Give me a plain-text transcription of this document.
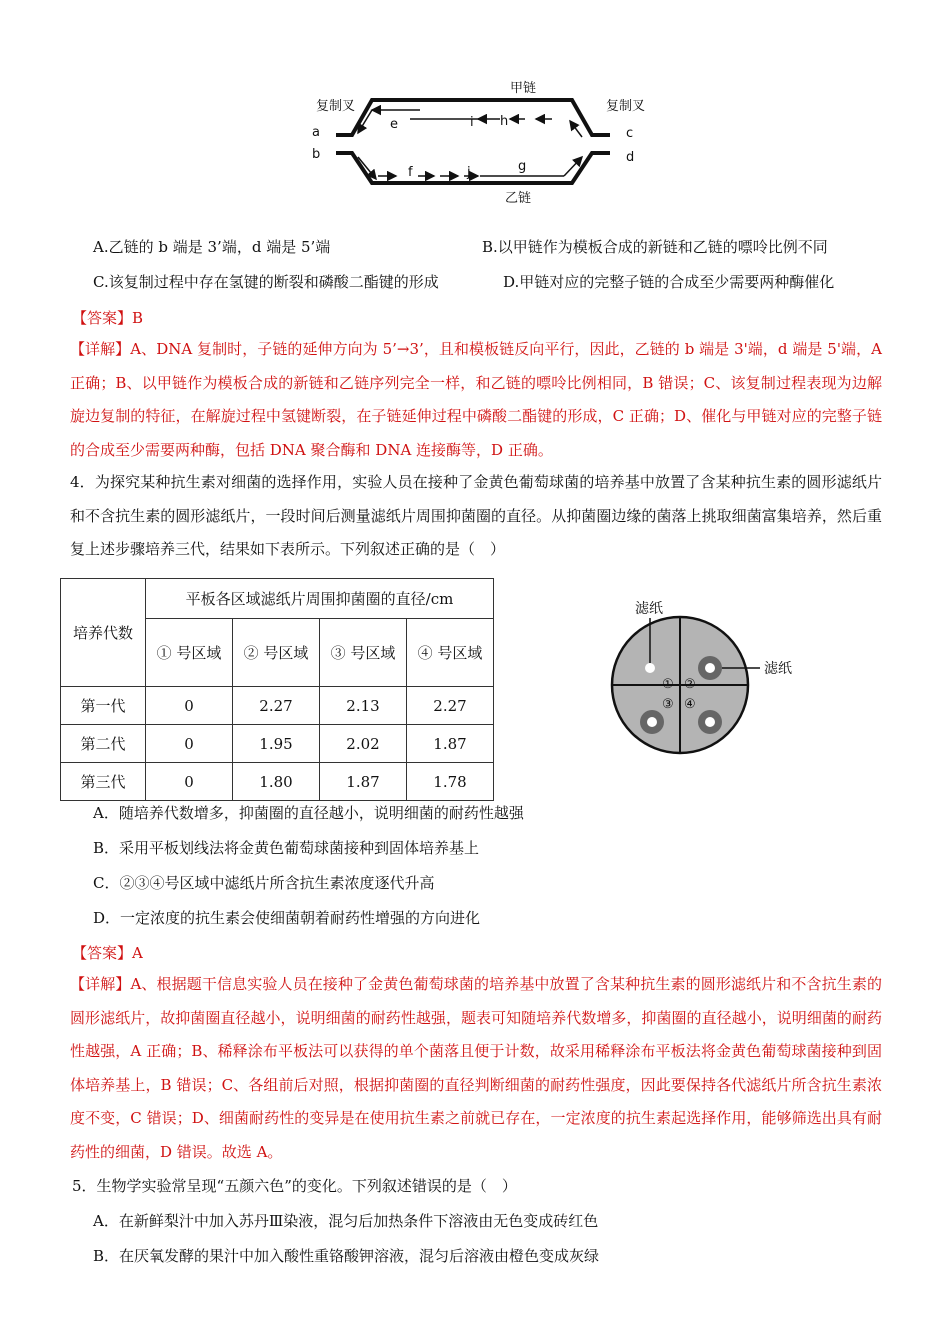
甲链
乙链
复制叉	复制叉
a
b
c
d
e
f	g
h
i
j
A.乙链的 b 端是 3’端，d 端是 5’端	B.以甲链作为模板合成的新链和乙链的嘌呤比例不同
C.该复制过程中存在氢键的断裂和磷酸二酯键的形成	D.甲链对应的完整子链的合成至少需要两种酶催化
【答案】B
【详解】A、DNA 复制时，子链的延伸方向为 5’→3’，且和模板链反向平行，因此，乙链的 b 端是 3'端，d 端是 5'端，A 正确；B、以甲链作为模板合成的新链和乙链序列完全一样，和乙链的嘌呤比例相同，B 错误；C、该复制过程表现为边解旋边复制的特征，在解旋过程中氢键断裂，在子链延伸过程中磷酸二酯键的形成，C 正确；D、催化与甲链对应的完整子链的合成至少需要两种酶，包括 DNA 聚合酶和 DNA 连接酶等，D 正确。
4．为探究某种抗生素对细菌的选择作用，实验人员在接种了金黄色葡萄球菌的培养基中放置了含某种抗生素的圆形滤纸片和不含抗生素的圆形滤纸片，一段时间后测量滤纸片周围抑菌圈的直径。从抑菌圈边缘的菌落上挑取细菌富集培养，然后重复上述步骤培养三代，结果如下表所示。下列叙述正确的是（　）
培养代数	平板各区域滤纸片周围抑菌圈的直径/cm			
	① 号区域	② 号区域	③ 号区域	④ 号区域
第一代	0	2.27	2.13	2.27
第二代	0	1.95	2.02	1.87
第三代	0	1.80	1.87	1.78
滤纸
滤纸
① ②
③ ④
A．随培养代数增多，抑菌圈的直径越小，说明细菌的耐药性越强
B．采用平板划线法将金黄色葡萄球菌接种到固体培养基上
C．②③④号区域中滤纸片所含抗生素浓度逐代升高
D．一定浓度的抗生素会使细菌朝着耐药性增强的方向进化
【答案】A
【详解】A、根据题干信息实验人员在接种了金黄色葡萄球菌的培养基中放置了含某种抗生素的圆形滤纸片和不含抗生素的圆形滤纸片，故抑菌圈直径越小，说明细菌的耐药性越强，题表可知随培养代数增多，抑菌圈的直径越小，说明细菌的耐药性越强，A 正确；B、稀释涂布平板法可以获得的单个菌落且便于计数，故采用稀释涂布平板法将金黄色葡萄球菌接种到固体培养基上，B 错误；C、各组前后对照，根据抑菌圈的直径判断细菌的耐药性强度，因此要保持各代滤纸片所含抗生素浓度不变，C 错误；D、细菌耐药性的变异是在使用抗生素之前就已存在，一定浓度的抗生素起选择作用，能够筛选出具有耐药性的细菌，D 错误。故选 A。
5．生物学实验常呈现“五颜六色”的变化。下列叙述错误的是（　）
A．在新鲜梨汁中加入苏丹Ⅲ染液，混匀后加热条件下溶液由无色变成砖红色
B．在厌氧发酵的果汁中加入酸性重铬酸钾溶液，混匀后溶液由橙色变成灰绿
